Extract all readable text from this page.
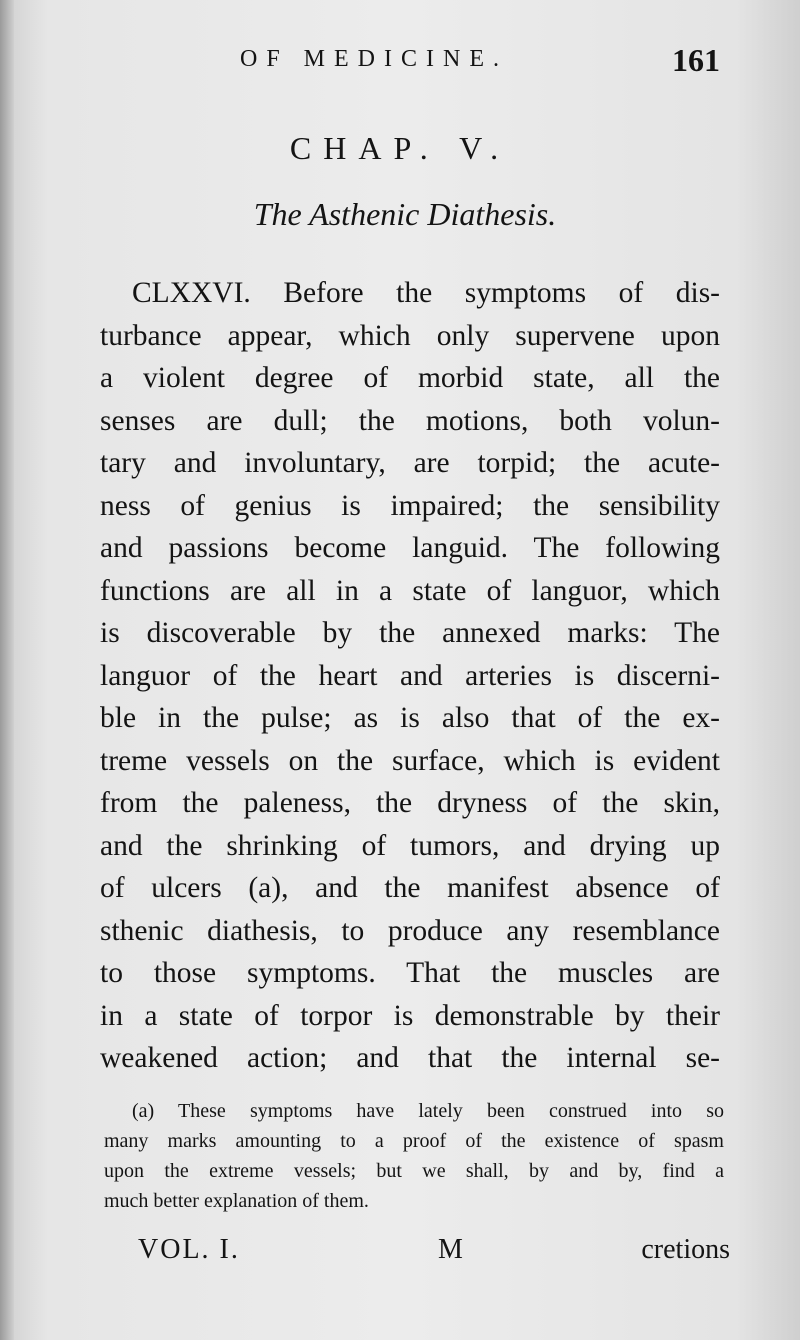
OF MEDICINE.	161
CHAP. V.
The Asthenic Diathesis.
CLXXVI. Before the symptoms of dis-
turbance appear, which only supervene upon
a violent degree of morbid state, all the
senses are dull; the motions, both volun-
tary and involuntary, are torpid; the acute-
ness of genius is impaired; the sensibility
and passions become languid. The following
functions are all in a state of languor, which
is discoverable by the annexed marks: The
languor of the heart and arteries is discerni-
ble in the pulse; as is also that of the ex-
treme vessels on the surface, which is evident
from the paleness, the dryness of the skin,
and the shrinking of tumors, and drying up
of ulcers (a), and the manifest absence of
sthenic diathesis, to produce any resemblance
to those symptoms. That the muscles are
in a state of torpor is demonstrable by their
weakened action; and that the internal se-
(a) These symptoms have lately been construed into so
many marks amounting to a proof of the existence of spasm
upon the extreme vessels; but we shall, by and by, find a
much better explanation of them.
VOL. I.	M	cretions
